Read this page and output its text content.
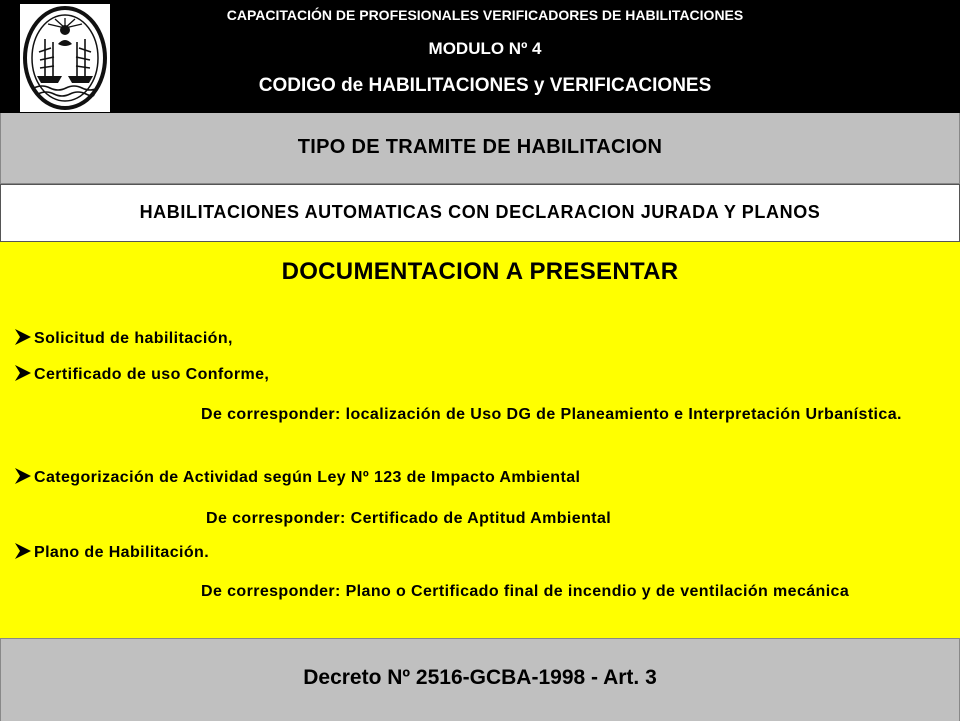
CAPACITACIÓN DE PROFESIONALES VERIFICADORES DE HABILITACIONES
MODULO Nº 4
CODIGO de HABILITACIONES y VERIFICACIONES
TIPO DE TRAMITE DE HABILITACION
HABILITACIONES AUTOMATICAS CON DECLARACION JURADA Y PLANOS
DOCUMENTACION A PRESENTAR
Solicitud de habilitación,
Certificado de uso Conforme,
De corresponder: localización de Uso DG de Planeamiento e Interpretación Urbanística.
Categorización de Actividad según Ley Nº 123 de Impacto Ambiental
De corresponder: Certificado de Aptitud Ambiental
Plano de Habilitación.
De corresponder: Plano o Certificado final de incendio y de ventilación mecánica
Decreto Nº 2516-GCBA-1998 - Art. 3
